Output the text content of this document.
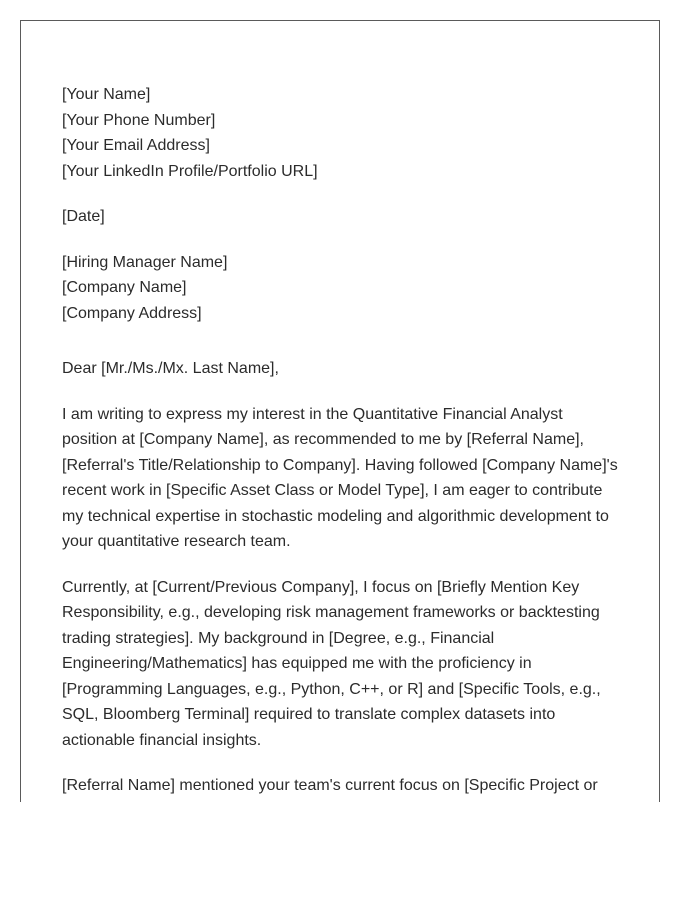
[Your Name]
[Your Phone Number]
[Your Email Address]
[Your LinkedIn Profile/Portfolio URL]
[Date]
[Hiring Manager Name]
[Company Name]
[Company Address]
Dear [Mr./Ms./Mx. Last Name],
I am writing to express my interest in the Quantitative Financial Analyst
position at [Company Name], as recommended to me by [Referral Name],
[Referral's Title/Relationship to Company]. Having followed [Company Name]'s
recent work in [Specific Asset Class or Model Type], I am eager to contribute
my technical expertise in stochastic modeling and algorithmic development to
your quantitative research team.
Currently, at [Current/Previous Company], I focus on [Briefly Mention Key
Responsibility, e.g., developing risk management frameworks or backtesting
trading strategies]. My background in [Degree, e.g., Financial
Engineering/Mathematics] has equipped me with the proficiency in
[Programming Languages, e.g., Python, C++, or R] and [Specific Tools, e.g.,
SQL, Bloomberg Terminal] required to translate complex datasets into
actionable financial insights.
[Referral Name] mentioned your team's current focus on [Specific Project or
